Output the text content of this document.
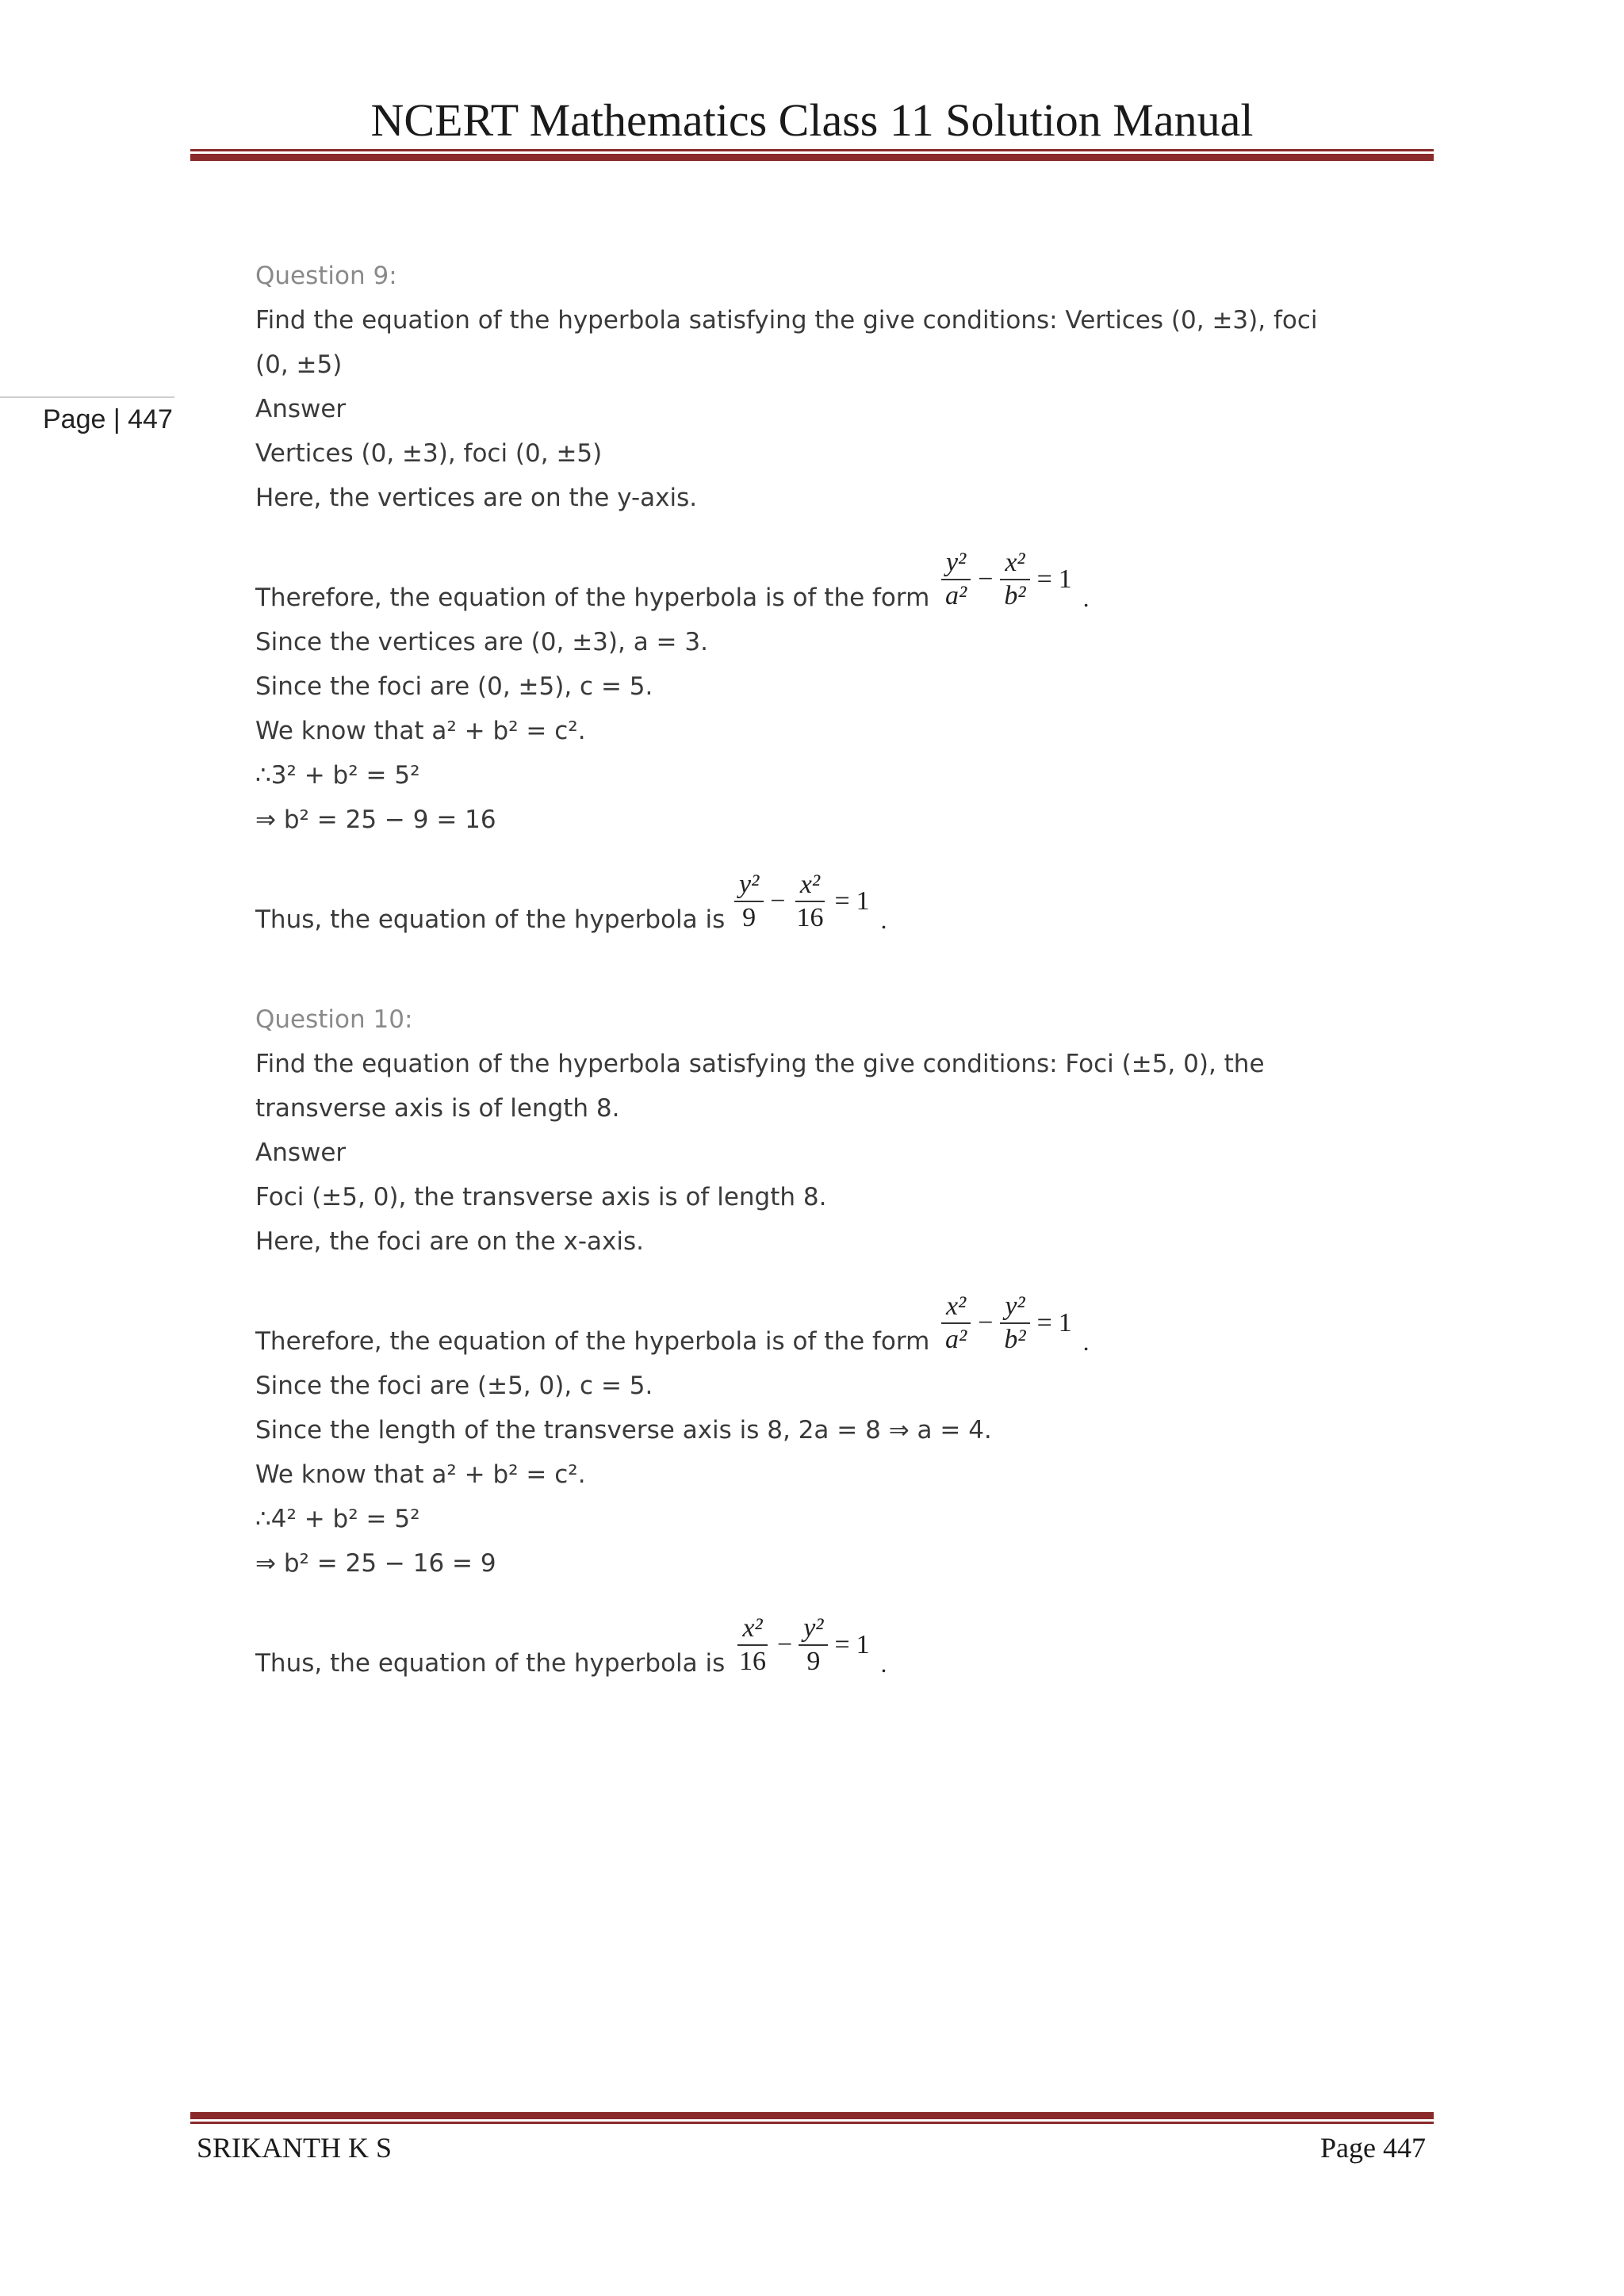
NCERT Mathematics Class 11 Solution Manual
Page | 447
Question 9:
Find the equation of the hyperbola satisfying the give conditions: Vertices (0, ±3), foci
(0, ±5)
Answer
Vertices (0, ±3), foci (0, ±5)
Here, the vertices are on the y-axis.
Therefore, the equation of the hyperbola is of the form $\frac{\text{y²}}{\text{a²}} - \frac{\text{x²}}{\text{b²}} = 1$
.
Since the vertices are (0, ±3), a = 3.
Since the foci are (0, ±5), c = 5.
We know that a² + b² = c².
∴3² + b² = 5²
⇒ b² = 25 − 9 = 16
Thus, the equation of the hyperbola is $\frac{\text{y²}}{9} - \frac{\text{x²}}{16} = 1$
.
Question 10:
Find the equation of the hyperbola satisfying the give conditions: Foci (±5, 0), the
transverse axis is of length 8.
Answer
Foci (±5, 0), the transverse axis is of length 8.
Here, the foci are on the x-axis.
Therefore, the equation of the hyperbola is of the form $\frac{\text{x²}}{\text{a²}} - \frac{\text{y²}}{\text{b²}} = 1$
.
Since the foci are (±5, 0), c = 5.
Since the length of the transverse axis is 8, 2a = 8 ⇒ a = 4.
We know that a² + b² = c².
∴4² + b² = 5²
⇒ b² = 25 − 16 = 9
Thus, the equation of the hyperbola is $\frac{\text{x²}}{16} - \frac{\text{y²}}{9} = 1$
.
SRIKANTH K S	Page 447
